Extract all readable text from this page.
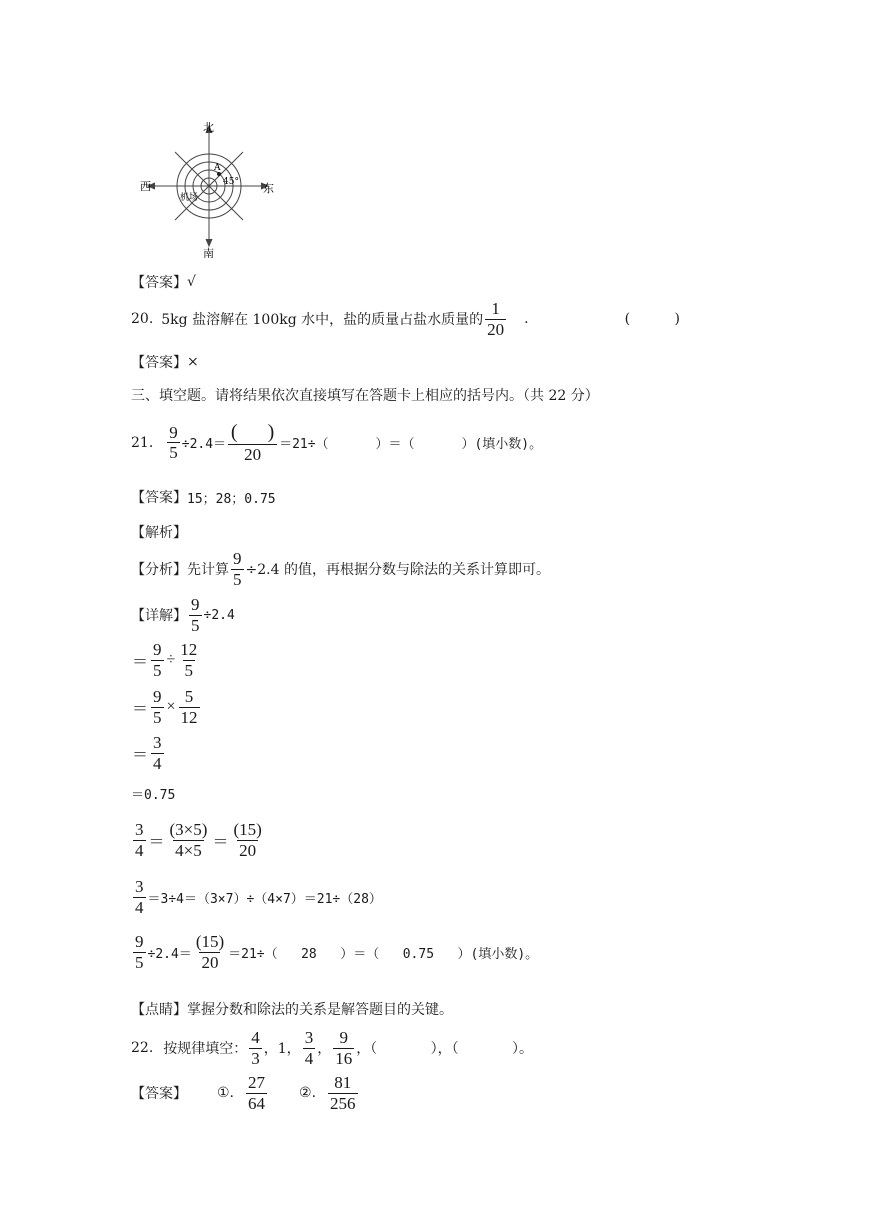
北
南
西	东
A
45°
机场
【答案】 √
20. 5kg 盐溶解在 100kg 水中，盐的质量占盐水质量的 $\frac{1}{20}$ .	(          )
【答案】 ×
三、填空题。请将结果依次直接填写在答题卡上相应的括号内。（共 22 分）
21. $\frac{9}{5} \div 2.4= \frac{( )}{20} =21\div$（      ）＝（      ）(填小数)。
【答案】 15；28；0.75
【解析】
【分析】 先计算 $\frac{9}{5} \div 2.4$ 的值，再根据分数与除法的关系计算即可。
【详解】 $\frac{9}{5} \div 2.4$
＝ $\frac{9}{5} \div \frac{12}{5}$
＝ $\frac{9}{5} \times \frac{5}{12}$
＝ $\frac{3}{4}$
＝0.75
$\frac{3}{4} = \frac{(3\times 5)}{4\times 5} = \frac{(15)}{20}$
$\frac{3}{4} =3\div 4=(3\times 7)\div(4\times 7)=21\div(28)$
$\frac{9}{5} \div 2.4= \frac{(15)}{20} =21\div$（   28   ）＝（   0.75   ）(填小数)。
【点睛】 掌握分数和除法的关系是解答题目的关键。
22. 按规律填空： $\frac{4}{3}$ ，1， $\frac{3}{4}$ ， $\frac{9}{16}$ ，（            ），（            ）。
【答案】 ①. $\frac{27}{64}$ ②. $\frac{81}{256}$
